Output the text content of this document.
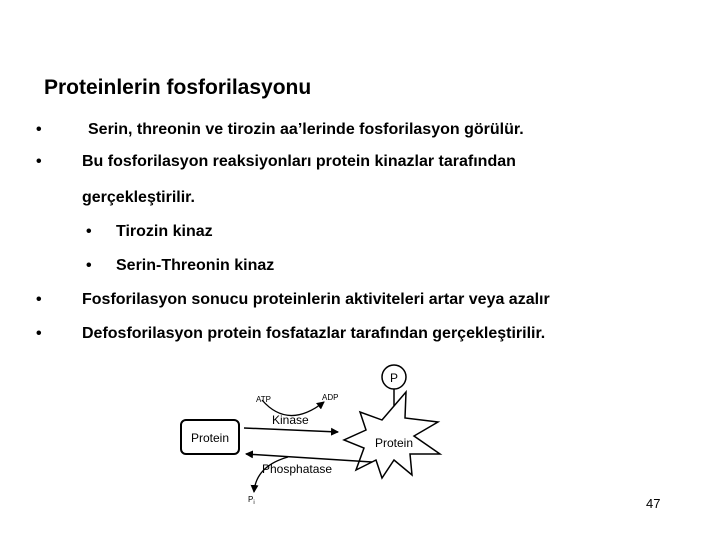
Proteinlerin fosforilasyonu
•	Serin, threonin ve tirozin aa’lerinde fosforilasyon görülür.
•	Bu fosforilasyon reaksiyonları protein kinazlar tarafından
gerçekleştirilir.
• Tirozin kinaz
• Serin-Threonin kinaz
•	Fosforilasyon sonucu proteinlerin aktiviteleri artar veya azalır
•	Defosforilasyon protein fosfatazlar tarafından gerçekleştirilir.
Protein
P
Protein
ATP	ADP
Kinase
Phosphatase
$P_i$	47
